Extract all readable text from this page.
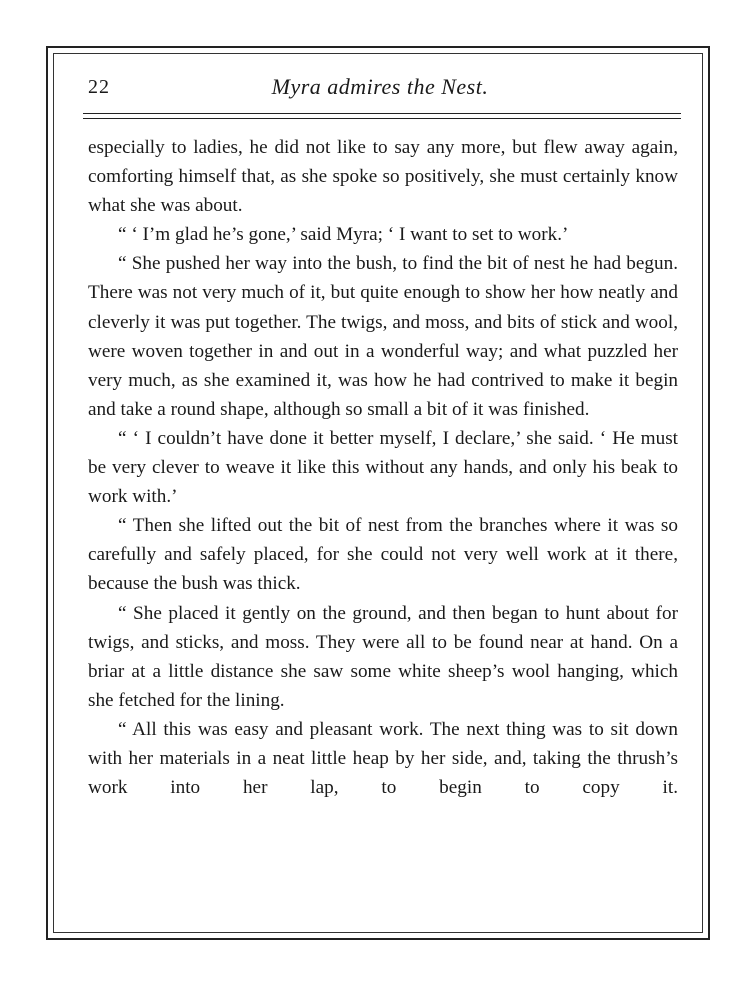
22	Myra admires the Nest.

especially to ladies, he did not like to say any more, but flew away again, comforting himself that, as she spoke so positively, she must certainly know what she was about.

“ ‘ I’m glad he’s gone,’ said Myra; ‘ I want to set to work.’

“ She pushed her way into the bush, to find the bit of nest he had begun. There was not very much of it, but quite enough to show her how neatly and cleverly it was put together. The twigs, and moss, and bits of stick and wool, were woven together in and out in a wonderful way; and what puzzled her very much, as she examined it, was how he had contrived to make it begin and take a round shape, although so small a bit of it was finished.

“ ‘ I couldn’t have done it better myself, I declare,’ she said. ‘ He must be very clever to weave it like this without any hands, and only his beak to work with.’

“ Then she lifted out the bit of nest from the branches where it was so carefully and safely placed, for she could not very well work at it there, because the bush was thick.

“ She placed it gently on the ground, and then began to hunt about for twigs, and sticks, and moss. They were all to be found near at hand. On a briar at a little distance she saw some white sheep’s wool hanging, which she fetched for the lining.

“ All this was easy and pleasant work. The next thing was to sit down with her materials in a neat little heap by her side, and, taking the thrush’s work into her lap, to begin to copy it.
